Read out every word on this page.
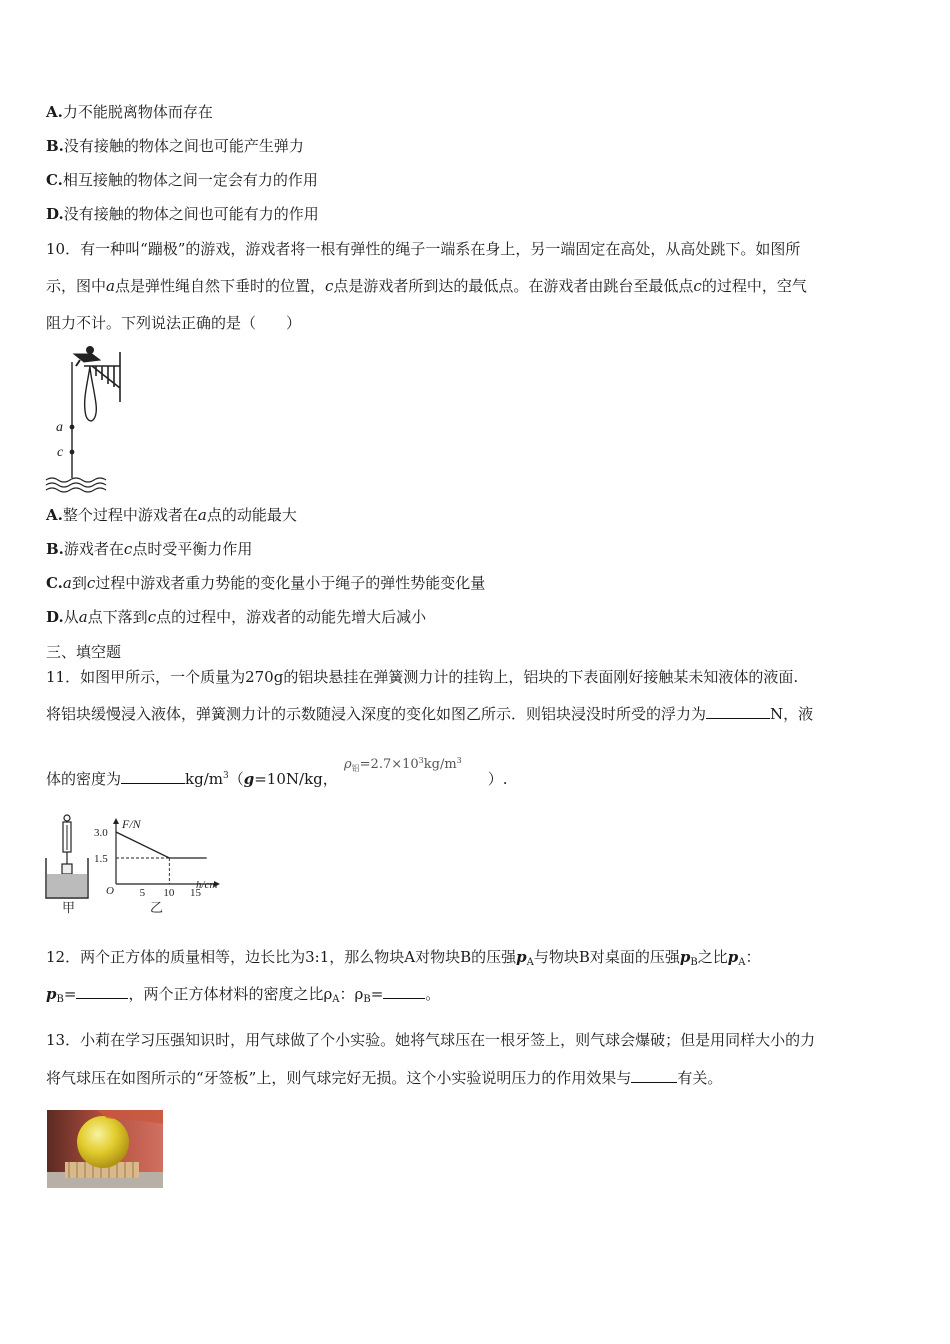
A.力不能脱离物体而存在
B.没有接触的物体之间也可能产生弹力
C.相互接触的物体之间一定会有力的作用
D.没有接触的物体之间也可能有力的作用
10．有一种叫“蹦极”的游戏，游戏者将一根有弹性的绳子一端系在身上，另一端固定在高处，从高处跳下。如图所
示，图中a点是弹性绳自然下垂时的位置，c点是游戏者所到达的最低点。在游戏者由跳台至最低点c的过程中，空气
阻力不计。下列说法正确的是（　　）
a
c
A.整个过程中游戏者在a点的动能最大
B.游戏者在c点时受平衡力作用
C.a到c过程中游戏者重力势能的变化量小于绳子的弹性势能变化量
D.从a点下落到c点的过程中，游戏者的动能先增大后减小
三、填空题
11．如图甲所示，一个质量为270g的铝块悬挂在弹簧测力计的挂钩上，铝块的下表面刚好接触某未知液体的液面.
将铝块缓慢浸入液体，弹簧测力计的示数随浸入深度的变化如图乙所示．则铝块浸没时所受的浮力为	N，液
体的密度为	$kg/m^3(g=10N/kg$，	）.
$\rho_铝=2.7\times 10^3kg/m^3$
甲
F/N
h/cm
O
3.0
1.5
5 10 15
乙
12．两个正方体的质量相等，边长比为3:1，那么物块A对物块B的压强$p_A$与物块B对桌面的压强$p_B$之比$p_A$：
$p_B=$	，两个正方体材料的密度之比$\rho_A$：$\rho_B=$	。
13．小莉在学习压强知识时，用气球做了个小实验。她将气球压在一根牙签上，则气球会爆破；但是用同样大小的力
将气球压在如图所示的“牙签板”上，则气球完好无损。这个小实验说明压力的作用效果与	有关。
